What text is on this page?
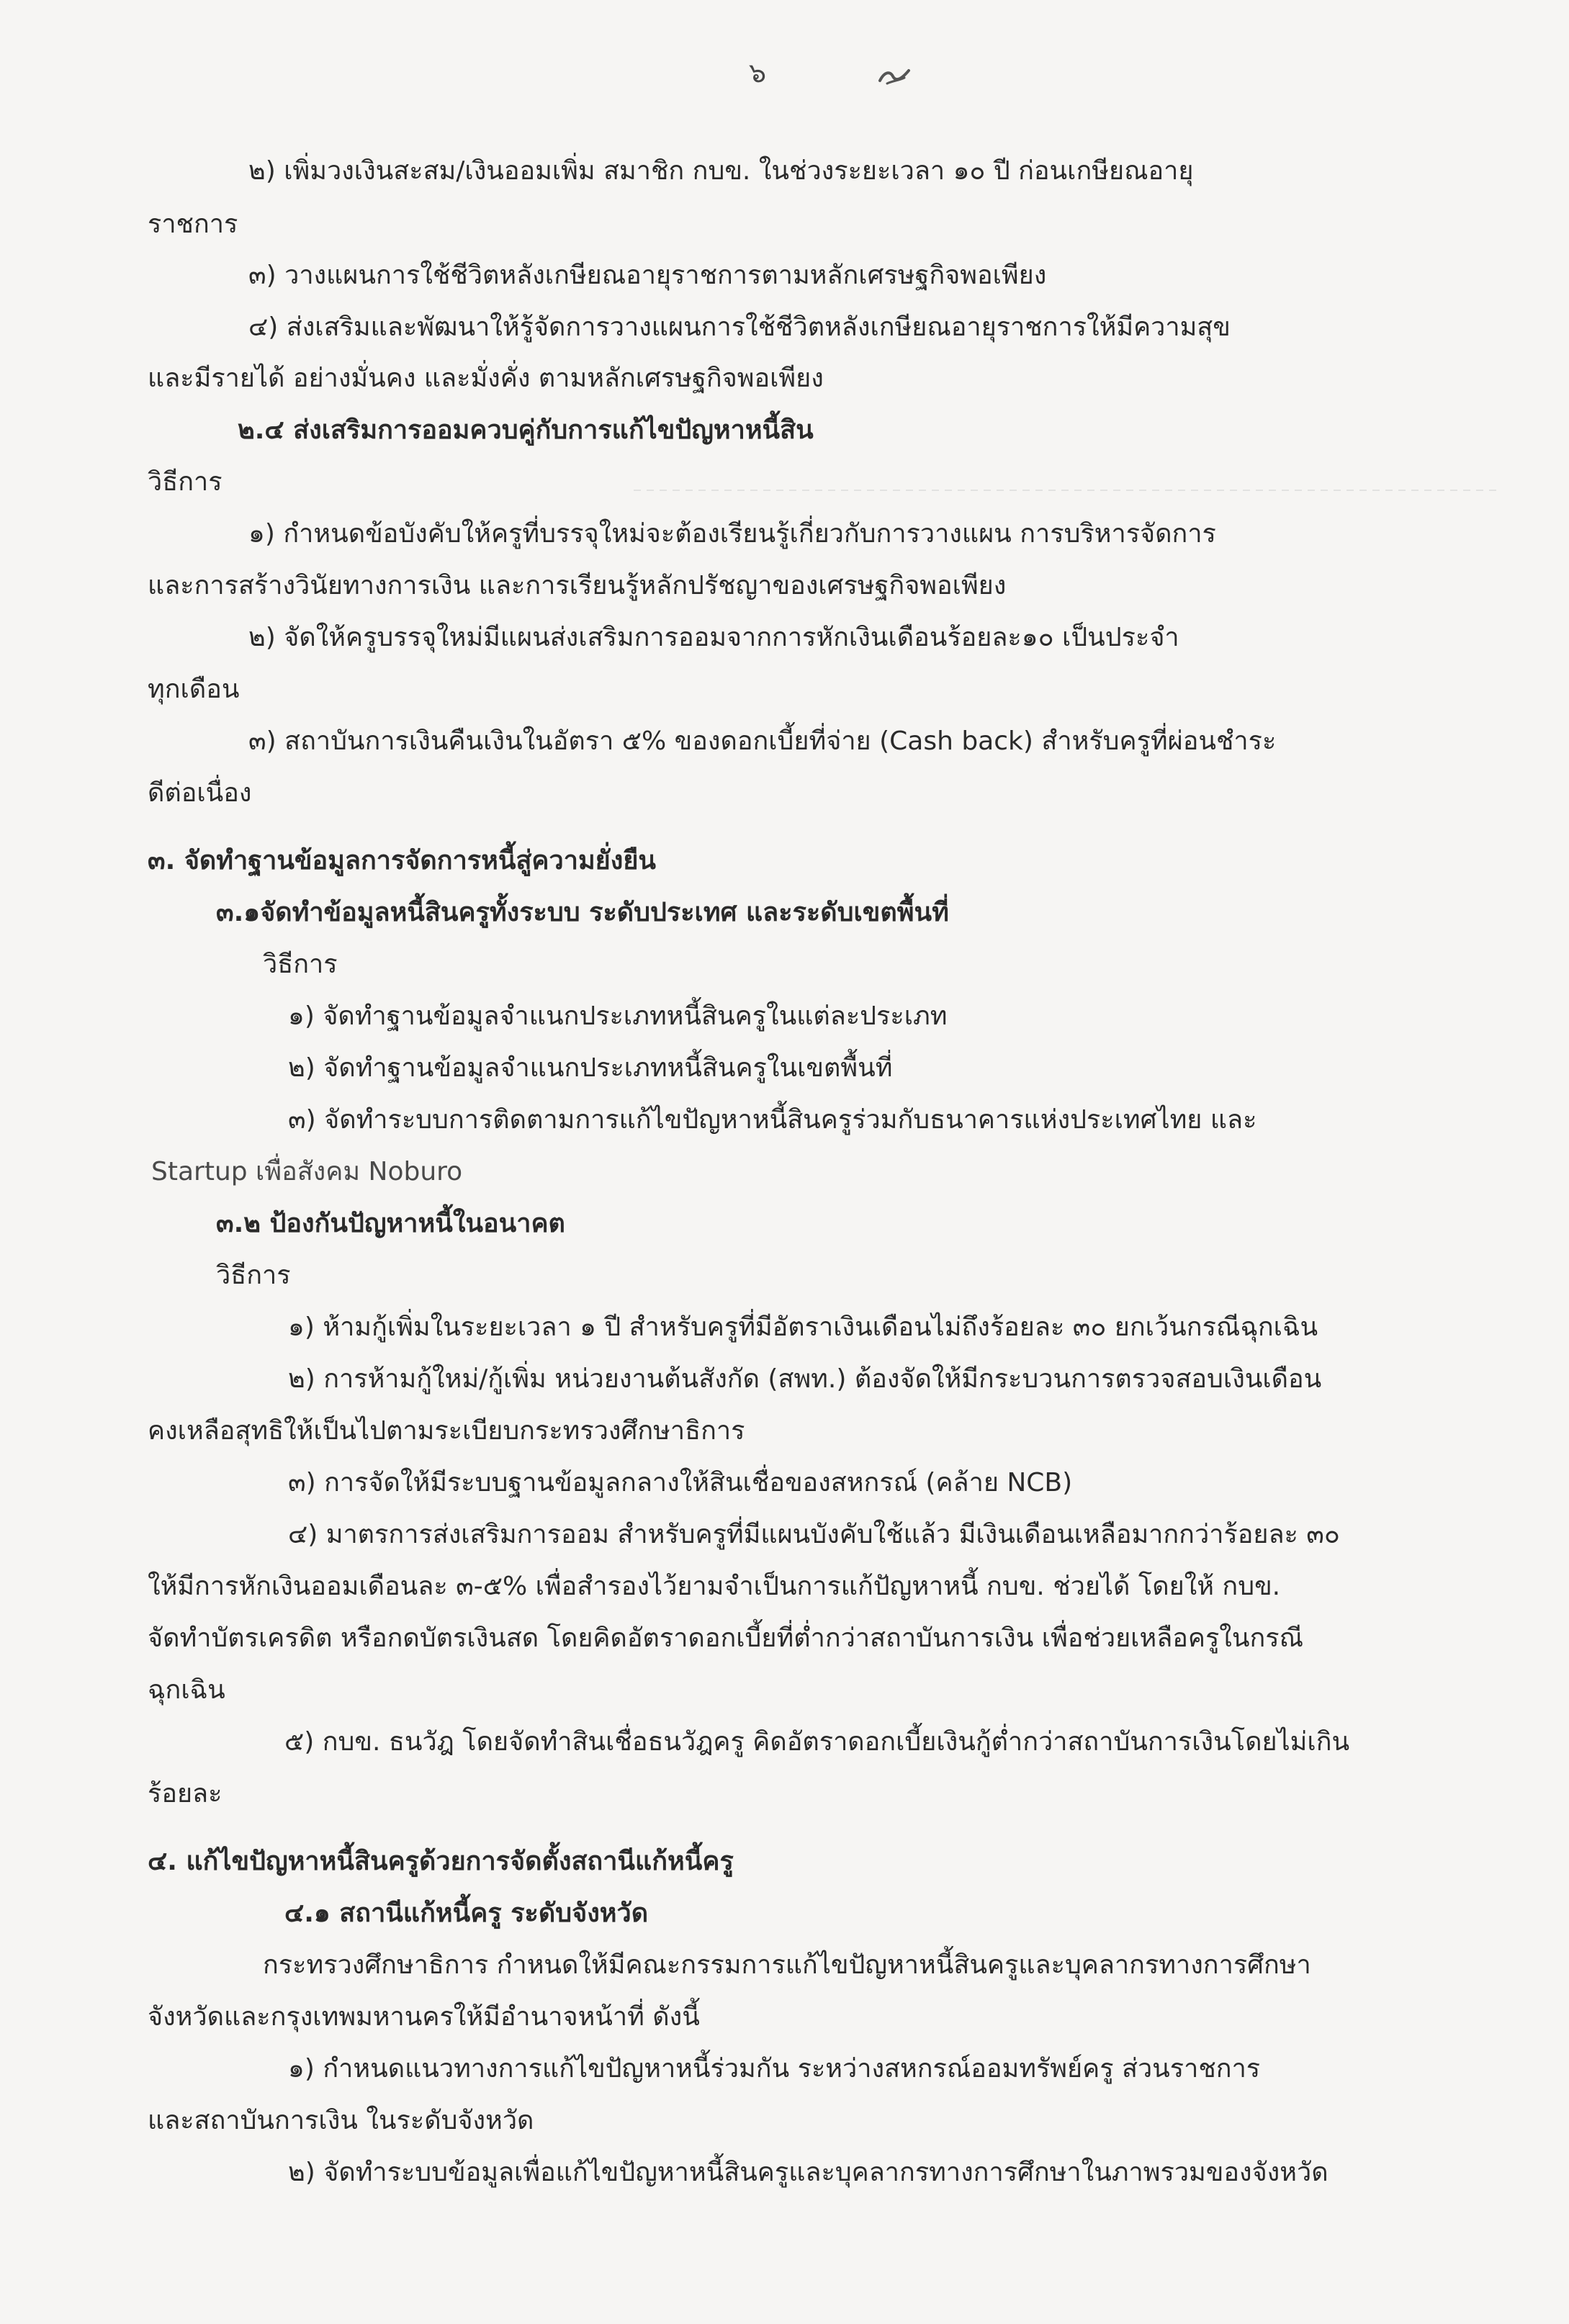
๖
๒) เพิ่มวงเงินสะสม/เงินออมเพิ่ม สมาชิก กบข. ในช่วงระยะเวลา ๑๐ ปี ก่อนเกษียณอายุ
ราชการ
๓) วางแผนการใช้ชีวิตหลังเกษียณอายุราชการตามหลักเศรษฐกิจพอเพียง
๔) ส่งเสริมและพัฒนาให้รู้จัดการวางแผนการใช้ชีวิตหลังเกษียณอายุราชการให้มีความสุข
และมีรายได้ อย่างมั่นคง และมั่งคั่ง ตามหลักเศรษฐกิจพอเพียง
๒.๔ ส่งเสริมการออมควบคู่กับการแก้ไขปัญหาหนี้สิน
วิธีการ
๑) กำหนดข้อบังคับให้ครูที่บรรจุใหม่จะต้องเรียนรู้เกี่ยวกับการวางแผน การบริหารจัดการ
และการสร้างวินัยทางการเงิน และการเรียนรู้หลักปรัชญาของเศรษฐกิจพอเพียง
๒) จัดให้ครูบรรจุใหม่มีแผนส่งเสริมการออมจากการหักเงินเดือนร้อยละ๑๐ เป็นประจำ
ทุกเดือน
๓) สถาบันการเงินคืนเงินในอัตรา ๕% ของดอกเบี้ยที่จ่าย (Cash back) สำหรับครูที่ผ่อนชำระ
ดีต่อเนื่อง
๓. จัดทำฐานข้อมูลการจัดการหนี้สู่ความยั่งยืน
๓.๑จัดทำข้อมูลหนี้สินครูทั้งระบบ ระดับประเทศ และระดับเขตพื้นที่
วิธีการ
๑) จัดทำฐานข้อมูลจำแนกประเภทหนี้สินครูในแต่ละประเภท
๒) จัดทำฐานข้อมูลจำแนกประเภทหนี้สินครูในเขตพื้นที่
๓) จัดทำระบบการติดตามการแก้ไขปัญหาหนี้สินครูร่วมกับธนาคารแห่งประเทศไทย และ
Startup เพื่อสังคม Noburo
๓.๒ ป้องกันปัญหาหนี้ในอนาคต
วิธีการ
๑) ห้ามกู้เพิ่มในระยะเวลา ๑ ปี สำหรับครูที่มีอัตราเงินเดือนไม่ถึงร้อยละ ๓๐ ยกเว้นกรณีฉุกเฉิน
๒) การห้ามกู้ใหม่/กู้เพิ่ม หน่วยงานต้นสังกัด (สพท.) ต้องจัดให้มีกระบวนการตรวจสอบเงินเดือน
คงเหลือสุทธิให้เป็นไปตามระเบียบกระทรวงศึกษาธิการ
๓) การจัดให้มีระบบฐานข้อมูลกลางให้สินเชื่อของสหกรณ์ (คล้าย NCB)
๔) มาตรการส่งเสริมการออม สำหรับครูที่มีแผนบังคับใช้แล้ว มีเงินเดือนเหลือมากกว่าร้อยละ ๓๐
ให้มีการหักเงินออมเดือนละ ๓-๕% เพื่อสำรองไว้ยามจำเป็นการแก้ปัญหาหนี้ กบข. ช่วยได้ โดยให้ กบข.
จัดทำบัตรเครดิต หรือกดบัตรเงินสด โดยคิดอัตราดอกเบี้ยที่ต่ำกว่าสถาบันการเงิน เพื่อช่วยเหลือครูในกรณี
ฉุกเฉิน
๕) กบข. ธนวัฎ โดยจัดทำสินเชื่อธนวัฎครู คิดอัตราดอกเบี้ยเงินกู้ต่ำกว่าสถาบันการเงินโดยไม่เกิน
ร้อยละ
๔. แก้ไขปัญหาหนี้สินครูด้วยการจัดตั้งสถานีแก้หนี้ครู
๔.๑ สถานีแก้หนี้ครู ระดับจังหวัด
กระทรวงศึกษาธิการ กำหนดให้มีคณะกรรมการแก้ไขปัญหาหนี้สินครูและบุคลากรทางการศึกษา
จังหวัดและกรุงเทพมหานครให้มีอำนาจหน้าที่ ดังนี้
๑) กำหนดแนวทางการแก้ไขปัญหาหนี้ร่วมกัน ระหว่างสหกรณ์ออมทรัพย์ครู ส่วนราชการ
และสถาบันการเงิน ในระดับจังหวัด
๒) จัดทำระบบข้อมูลเพื่อแก้ไขปัญหาหนี้สินครูและบุคลากรทางการศึกษาในภาพรวมของจังหวัด
